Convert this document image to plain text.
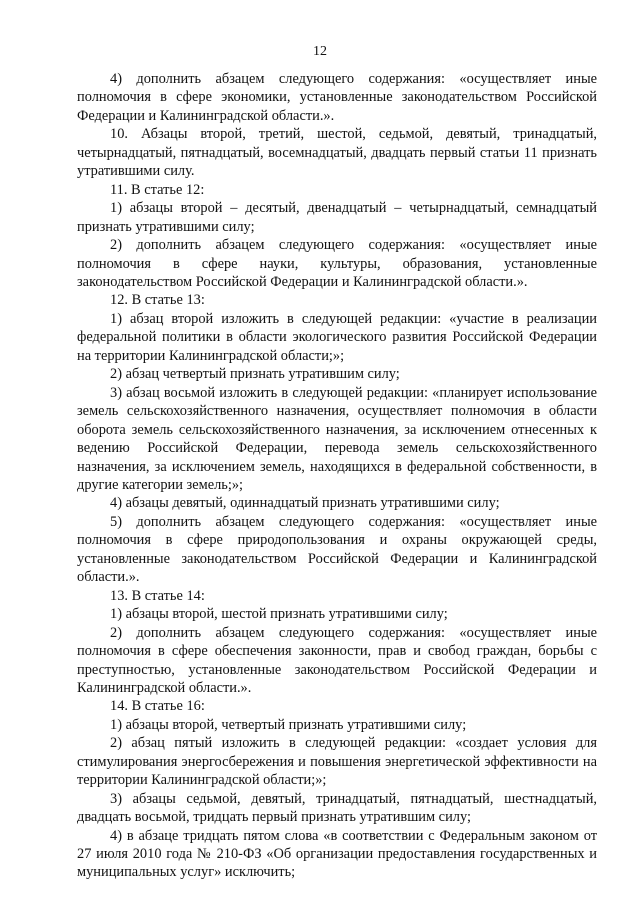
12

4) дополнить абзацем следующего содержания: «осуществляет иные полномочия в сфере экономики, установленные законодательством Российской Федерации и Калининградской области.».

10. Абзацы второй, третий, шестой, седьмой, девятый, тринадцатый, четырнадцатый, пятнадцатый, восемнадцатый, двадцать первый статьи 11 признать утратившими силу.

11. В статье 12:

1) абзацы второй – десятый, двенадцатый – четырнадцатый, семнадцатый признать утратившими силу;

2) дополнить абзацем следующего содержания: «осуществляет иные полномочия в сфере науки, культуры, образования, установленные законодательством Российской Федерации и Калининградской области.».

12. В статье 13:

1) абзац второй изложить в следующей редакции: «участие в реализации федеральной политики в области экологического развития Российской Федерации на территории Калининградской области;»;

2) абзац четвертый признать утратившим силу;

3) абзац восьмой изложить в следующей редакции: «планирует использование земель сельскохозяйственного назначения, осуществляет полномочия в области оборота земель сельскохозяйственного назначения, за исключением отнесенных к ведению Российской Федерации, перевода земель сельскохозяйственного назначения, за исключением земель, находящихся в федеральной собственности, в другие категории земель;»;

4) абзацы девятый, одиннадцатый признать утратившими силу;

5) дополнить абзацем следующего содержания: «осуществляет иные полномочия в сфере природопользования и охраны окружающей среды, установленные законодательством Российской Федерации и Калининградской области.».

13. В статье 14:

1) абзацы второй, шестой признать утратившими силу;

2) дополнить абзацем следующего содержания: «осуществляет иные полномочия в сфере обеспечения законности, прав и свобод граждан, борьбы с преступностью, установленные законодательством Российской Федерации и Калининградской области.».

14. В статье 16:

1) абзацы второй, четвертый признать утратившими силу;

2) абзац пятый изложить в следующей редакции: «создает условия для стимулирования энергосбережения и повышения энергетической эффективности на территории Калининградской области;»;

3) абзацы седьмой, девятый, тринадцатый, пятнадцатый, шестнадцатый, двадцать восьмой, тридцать первый признать утратившим силу;

4) в абзаце тридцать пятом слова «в соответствии с Федеральным законом от 27 июля 2010 года № 210-ФЗ «Об организации предоставления государственных и муниципальных услуг» исключить;
